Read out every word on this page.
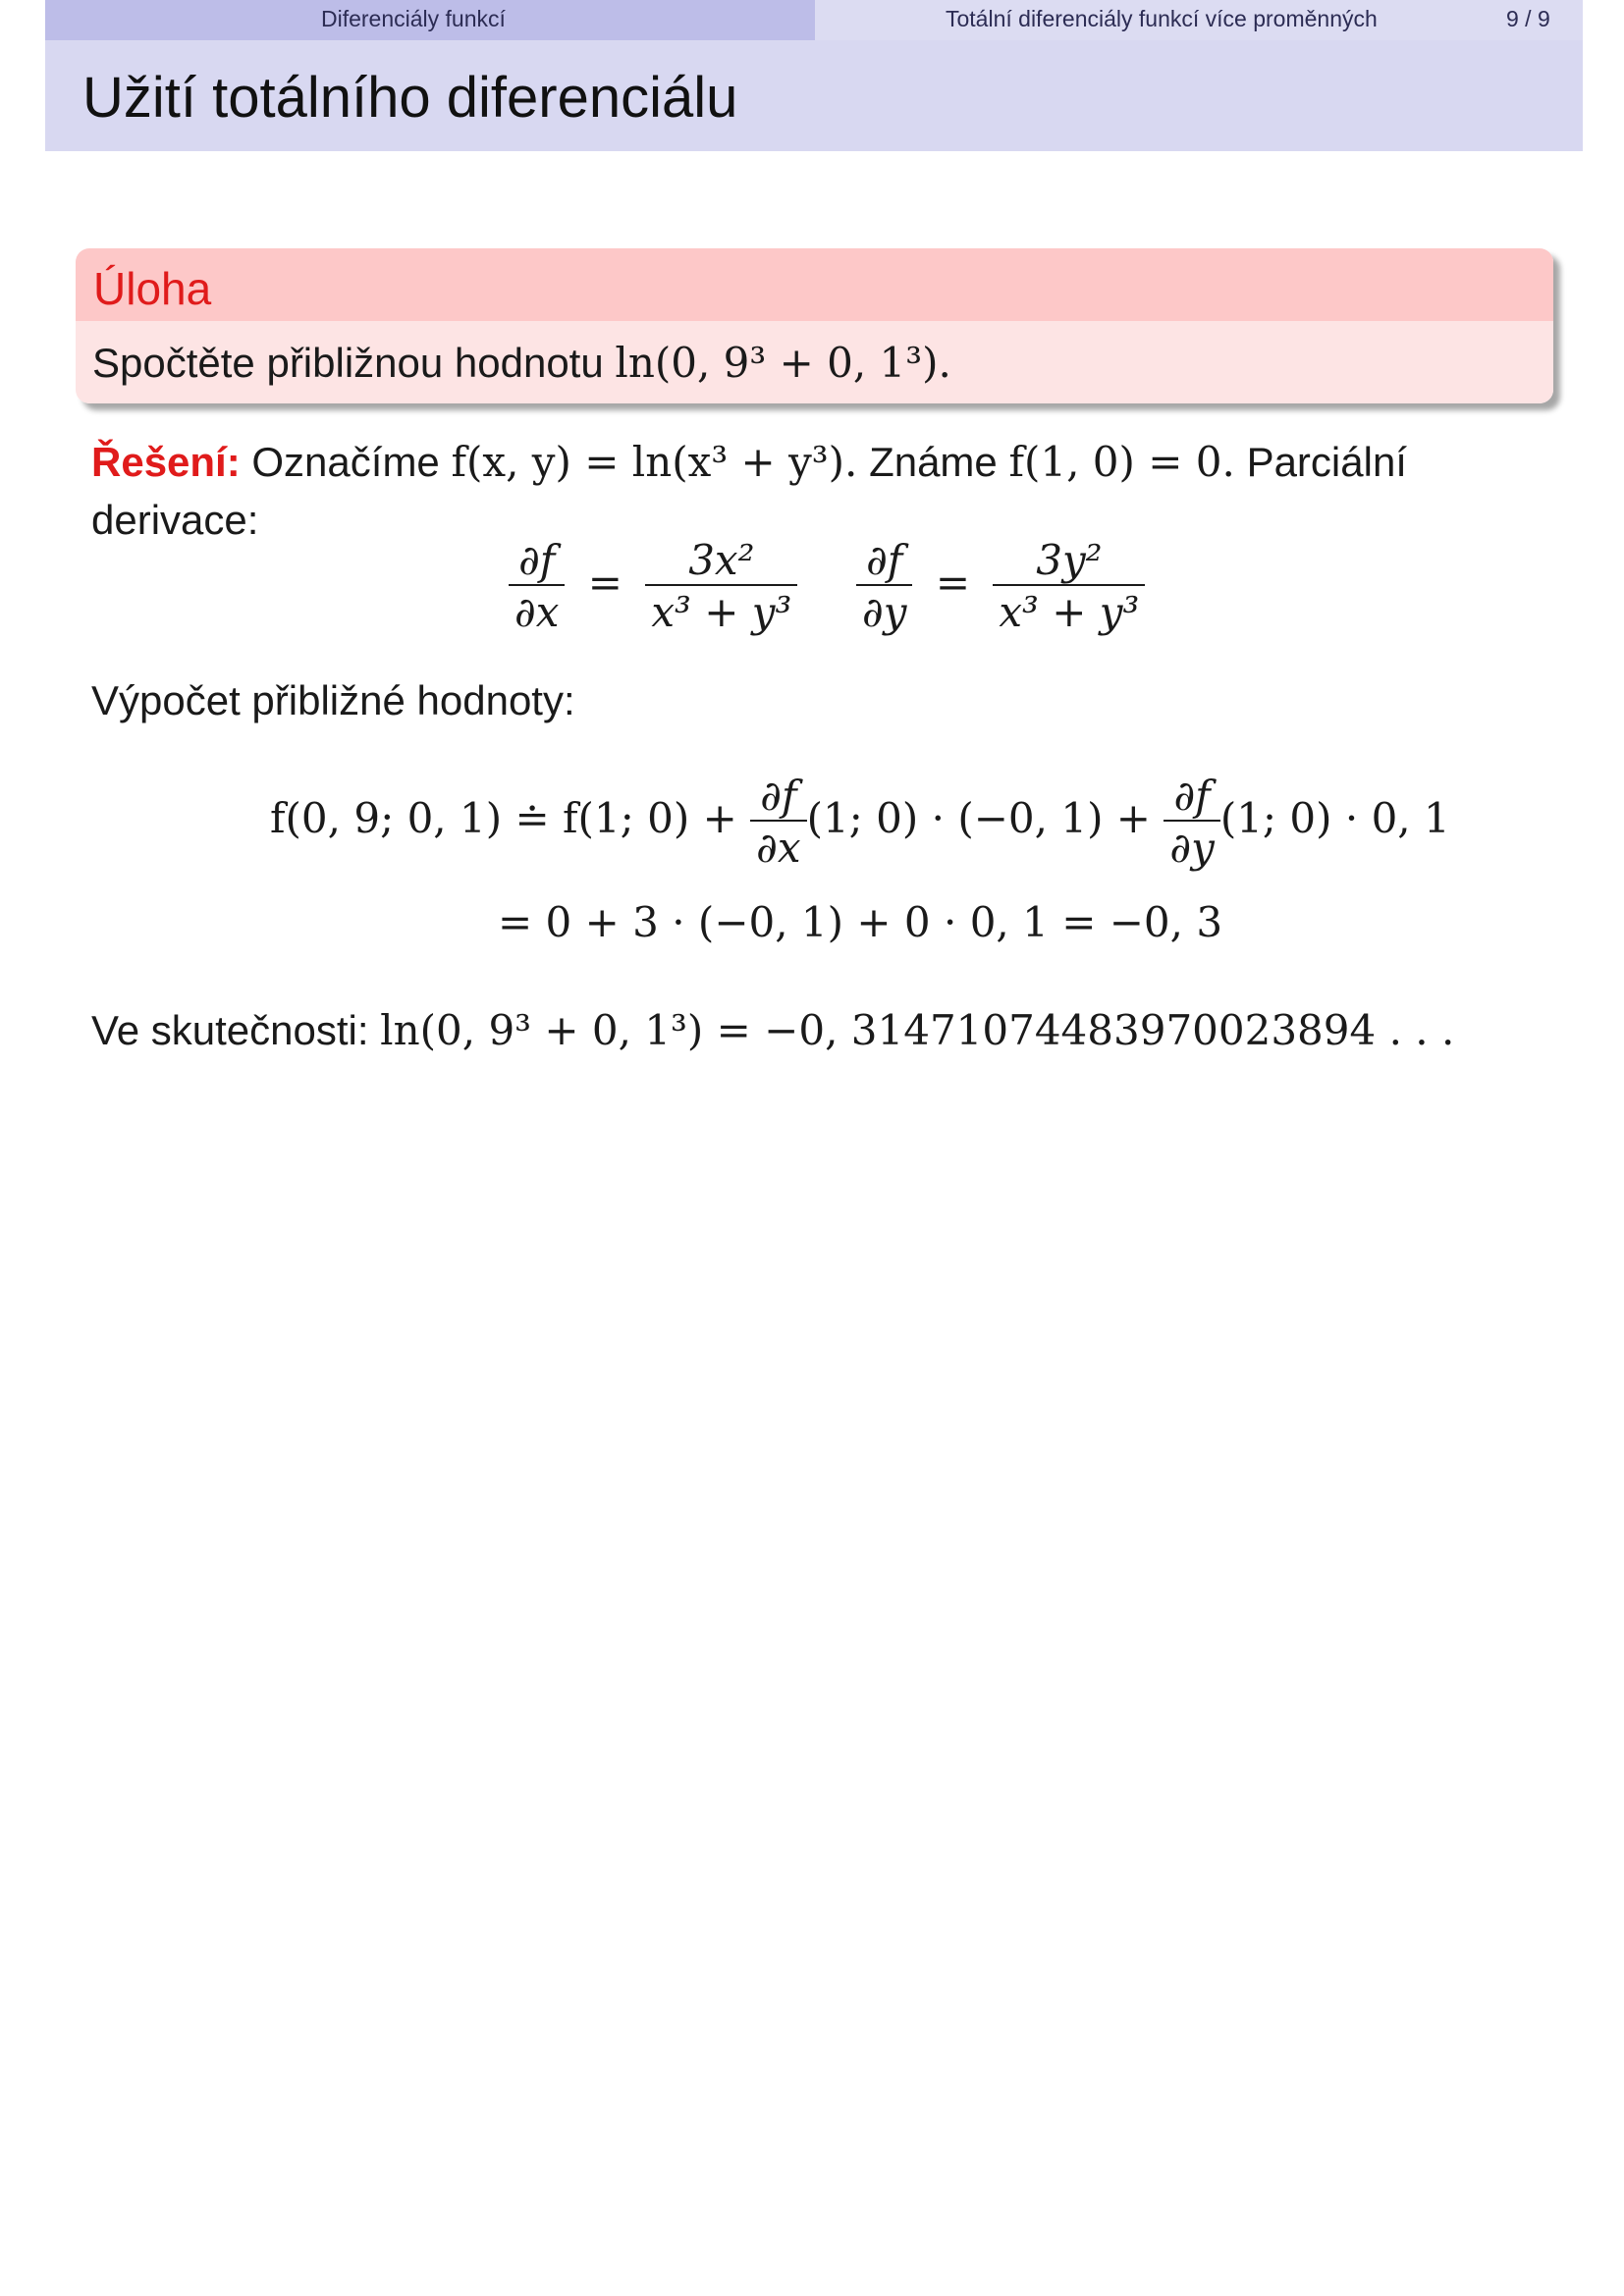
Diferenciály funkcí	Totální diferenciály funkcí více proměnných	9 / 9
Užití totálního diferenciálu
Úloha
Spočtěte přibližnou hodnotu ln(0, 9³ + 0, 1³).
Řešení: Označíme f(x, y) = ln(x³ + y³). Známe f(1, 0) = 0. Parciální
derivace:
$\frac{\partial f}{\partial x} = \frac{\text{3x²}}{\text{x³ + y³}} \frac{\partial f}{\partial y} = \frac{\text{3y²}}{\text{x³ + y³}}$
Výpočet přibližné hodnoty:
f(0, 9; 0, 1) ≐ f(1; $0) + \frac{\partial f}{\partial x} (1$; 0) · (−0, $1) + \frac{\partial f}{\partial y} (1$; 0) · 0, 1
= 0 + 3 · (−0, 1) + 0 · 0, 1 = −0, 3
Ve skutečnosti: ln(0, 9³ + 0, 1³) = −0, 31471074483970023894 . . .
